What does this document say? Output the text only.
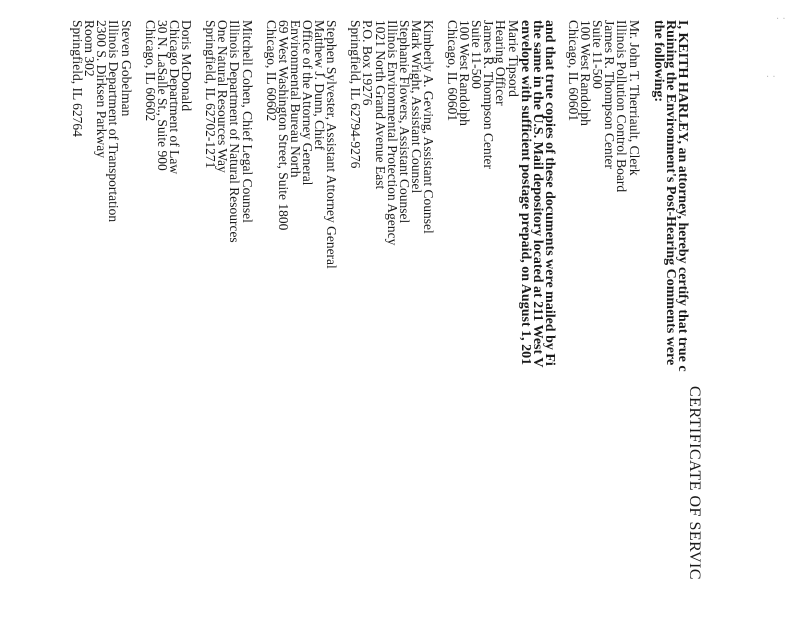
· ·
· ·
CERTIFICATE OF SERVIC
I, KEITH HARLEY, an attorney, hereby certify that true c
Ruining the Environment's Post-Hearing Comments were
the following:
Mr. John T. Therriault, Clerk
Illinois Pollution Control Board
James R. Thompson Center
Suite 11-500
100 West Randolph
Chicago, IL 60601
and that true copies of these documents were mailed by Fi
the same in the U.S. Mail depository located at 211 West V
envelope with sufficient postage prepaid, on August 1, 201
Marie Tipsord
Hearing Officer
James R. Thompson Center
Suite 11-500
100 West Randolph
Chicago, IL 60601
Kimberly A. Geving, Assistant Counsel
Mark Wright, Assistant Counsel
Stephanie Flowers, Assistant Counsel
Illinois Environmental Protection Agency
1021 North Grand Avenue East
P.O. Box 19276
Springfield, IL 62794-9276
Stephen Sylvester, Assistant Attorney General
Matthew J. Dunn, Chief
Office of the Attorney General
Environmental Bureau North
69 West Washington Street, Suite 1800
Chicago, IL 60602
Mitchell Cohen, Chief Legal Counsel
Illinois Department of Natural Resources
One Natural Resources Way
Springfield, IL 62702-1271
Doris McDonald
Chicago Department of Law
30 N. LaSalle St., Suite 900
Chicago, IL 60602
Steven Gobelman
Illinois Department of Transportation
2300 S. Dirksen Parkway
Room 302
Springfield, IL 62764
